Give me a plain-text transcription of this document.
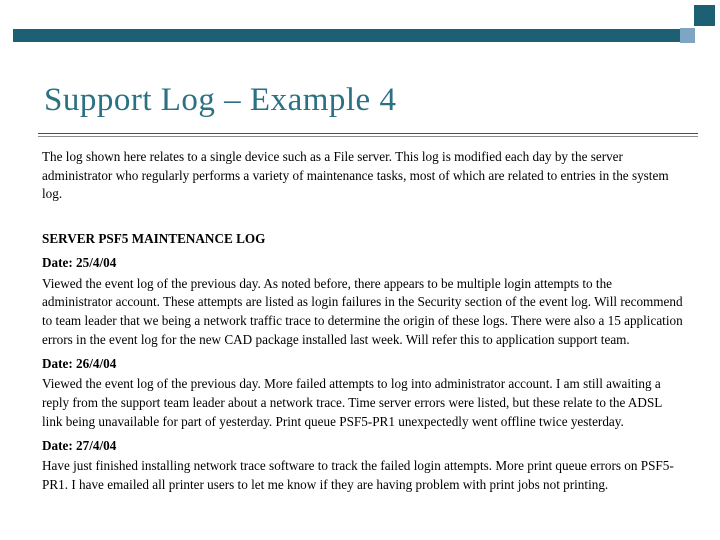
Support Log – Example 4

The log shown here relates to a single device such as a File server. This log is modified each day by the server administrator who regularly performs a variety of maintenance tasks, most of which are related to entries in the system log.

SERVER PSF5 MAINTENANCE LOG

Date: 25/4/04

Viewed the event log of the previous day. As noted before, there appears to be multiple login attempts to the administrator account. These attempts are listed as login failures in the Security section of the event log. Will recommend to team leader that we being a network traffic trace to determine the origin of these logs. There were also a 15 application errors in the event log for the new CAD package installed last week. Will refer this to application support team.

Date: 26/4/04

Viewed the event log of the previous day. More failed attempts to log into administrator account. I am still awaiting a reply from the support team leader about a network trace. Time server errors were listed, but these relate to the ADSL link being unavailable for part of yesterday. Print queue PSF5-PR1 unexpectedly went offline twice yesterday.

Date: 27/4/04

Have just finished installing network trace software to track the failed login attempts. More print queue errors on PSF5-PR1. I have emailed all printer users to let me know if they are having problem with print jobs not printing.
